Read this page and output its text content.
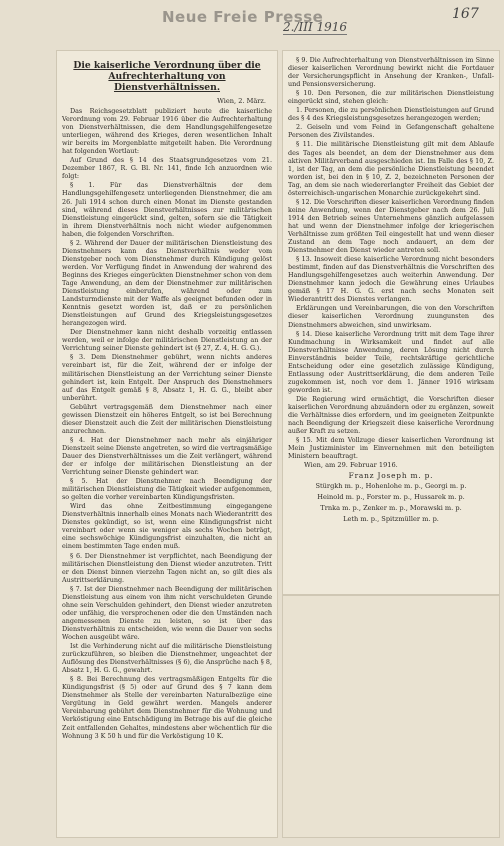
Neue Freie Presse
2./III 1916
167
Die kaiserliche Verordnung über die Aufrechterhaltung von Dienstverhältnissen.
Wien, 2. März.

Das Reichsgesetzblatt publiziert heute die kaiserliche Verordnung vom 29. Februar 1916 über die Aufrechterhaltung von Dienstverhältnissen, die dem Handlungsgehilfengesetze unterliegen, während des Krieges, deren wesentlichen Inhalt wir bereits im Morgenblatte mitgeteilt haben. Die Verordnung hat folgenden Wortlaut:

Auf Grund des § 14 des Staatsgrundgesetzes vom 21. Dezember 1867, R. G. Bl. Nr. 141, finde Ich anzuordnen wie folgt:

§ 1. Für das Dienstverhältnis der dem Handlungsgehilfengesetz unterliegenden Dienstnehmer, die am 26. Juli 1914 schon durch einen Monat im Dienste gestanden sind, während dieses Dienstverhältnisses zur militärischen Dienstleistung eingerückt sind, gelten, sofern sie die Tätigkeit in ihrem Dienstverhältnis noch nicht wieder aufgenommen haben, die folgenden Vorschriften.

§ 2. Während der Dauer der militärischen Dienstleistung des Dienstnehmers kann das Dienstverhältnis weder vom Dienstgeber noch vom Dienstnehmer durch Kündigung gelöst werden. Vor Verfügung findet in Anwendung der wahrend des Beginns des Krieges eingerückten Dienstnehmer schon von dem Tage Anwendung, an dem der Dienstnehmer zur militärischen Dienstleistung einberufen, während oder zum Landsturmdienste mit der Waffe als geeignet befunden oder in Kenntnis gesetzt worden ist, daß er zu persönlichen Dienstleistungen auf Grund des Kriegsleistungsgesetzes herangezogen wird.

Der Dienstnehmer kann nicht deshalb vorzeitig entlassen werden, weil er infolge der militärischen Dienstleistung an der Verrichtung seiner Dienste gehindert ist (§ 27, Z. 4, H. G. G.).

§ 3. Dem Dienstnehmer gebührt, wenn nichts anderes vereinbart ist, für die Zeit, während der er infolge der militärischen Dienstleistung an der Verrichtung seiner Dienste gehindert ist, kein Entgelt. Der Anspruch des Dienstnehmers auf das Entgelt gemäß § 8, Absatz 1, H. G. G., bleibt aber unberührt.

Gebührt vertragsgemäß dem Dienstnehmer nach einer gewissen Dienstzeit ein höheres Entgelt, so ist bei Berechnung dieser Dienstzeit auch die Zeit der militärischen Dienstleistung anzurechnen.

§ 4. Hat der Dienstnehmer nach mehr als einjähriger Dienstzeit seine Dienste angetreten, so wird die vertragsmäßige Dauer des Dienstverhältnisses um die Zeit verlängert, während der er infolge der militärischen Dienstleistung an der Verrichtung seiner Dienste gehindert war.

§ 5. Hat der Dienstnehmer nach Beendigung der militärischen Dienstleistung die Tätigkeit wieder aufgenommen, so gelten die vorher vereinbarten Kündigungsfristen.

Wird das ohne Zeitbestimmung eingegangene Dienstverhältnis innerhalb eines Monats nach Wiederantritt des Dienstes gekündigt, so ist, wenn eine Kündigungsfrist nicht vereinbart oder wenn sie weniger als sechs Wochen beträgt, eine sechswöchige Kündigungsfrist einzuhalten, die nicht an einem bestimmten Tage enden muß.

§ 6. Der Dienstnehmer ist verpflichtet, nach Beendigung der militärischen Dienstleistung den Dienst wieder anzutreten. Tritt er den Dienst binnen vierzehn Tagen nicht an, so gilt dies als Austrittserklärung.

§ 7. Ist der Dienstnehmer nach Beendigung der militärischen Dienstleistung aus einem von ihm nicht verschuldeten Grunde ohne sein Verschulden gehindert, den Dienst wieder anzutreten oder unfähig, die versprochenen oder die den Umständen nach angemessenen Dienste zu leisten, so ist über das Dienstverhältnis zu entscheiden, wie wenn die Dauer von sechs Wochen ausgeübt wäre.

Ist die Verhinderung nicht auf die militärische Dienstleistung zurückzuführen, so bleiben die Dienstnehmer, ungeachtet der Auflösung des Dienstverhältnisses (§ 6), die Ansprüche nach § 8, Absatz 1, H. G. G., gewahrt.

§ 8. Bei Berechnung des vertragsmäßigen Entgelts für die Kündigungsfrist (§ 5) oder auf Grund des § 7 kann dem Dienstnehmer als Stelle der vereinbarten Naturalbezüge eine Vergütung in Geld gewährt werden. Mangels anderer Vereinbarung gebührt dem Dienstnehmer für die Wohnung und Verköstigung eine Entschädigung im Betrage bis auf die gleiche Zeit entfallenden Gehaltes, mindestens aber wöchentlich für die Wohnung 3 K 50 h und für die Verköstigung 10 K.

§ 9. Die Aufrechterhaltung von Dienstverhältnissen im Sinne dieser kaiserlichen Verordnung bewirkt nicht die Fortdauer der Versicherungspflicht in Ansehung der Kranken-, Unfall- und Pensionsversicherung.

§ 10. Den Personen, die zur militärischen Dienstleistung eingerückt sind, stehen gleich:

1. Personen, die zu persönlichen Dienstleistungen auf Grund des § 4 des Kriegsleistungsgesetzes herangezogen werden;

2. Geiseln und vom Feind in Gefangenschaft gehaltene Personen des Zivilstandes.

§ 11. Die militärische Dienstleistung gilt mit dem Ablaufe des Tages als beendet, an dem der Dienstnehmer aus dem aktiven Militärverband ausgeschieden ist. Im Falle des § 10, Z. 1, ist der Tag, an dem die persönliche Dienstleistung beendet worden ist, bei den in § 10, Z. 2, bezeichneten Personen der Tag, an dem sie nach wiedererlangter Freiheit das Gebiet der österreichisch-ungarischen Monarchie zurückgekehrt sind.

§ 12. Die Vorschriften dieser kaiserlichen Verordnung finden keine Anwendung, wenn der Dienstgeber nach dem 26. Juli 1914 den Betrieb seines Unternehmens gänzlich aufgelassen hat und wenn der Dienstnehmer infolge der kriegerischen Verhältnisse zum größten Teil eingestellt hat und wenn dieser Zustand an dem Tage noch andauert, an dem der Dienstnehmer den Dienst wieder antreten soll.

§ 13. Insoweit diese kaiserliche Verordnung nicht besonders bestimmt, finden auf das Dienstverhältnis die Vorschriften des Handlungsgehilfengesetzes auch weiterhin Anwendung. Der Dienstnehmer kann jedoch die Gewährung eines Urlaubes gemäß § 17 H. G. G. erst nach sechs Monaten seit Wiederantritt des Dienstes verlangen.

Erklärungen und Vereinbarungen, die von den Vorschriften dieser kaiserlichen Verordnung zuungunsten des Dienstnehmers abweichen, sind unwirksam.

§ 14. Diese kaiserliche Verordnung tritt mit dem Tage ihrer Kundmachung in Wirksamkeit und findet auf alle Dienstverhältnisse Anwendung, deren Lösung nicht durch Einverständnis beider Teile, rechtskräftige gerichtliche Entscheidung oder eine gesetzlich zulässige Kündigung, Entlassung oder Austrittserklärung, die dem anderen Teile zugekommen ist, noch vor dem 1. Jänner 1916 wirksam geworden ist.

Die Regierung wird ermächtigt, die Vorschriften dieser kaiserlichen Verordnung abzuändern oder zu ergänzen, soweit die Verhältnisse dies erfordern, und im geeigneten Zeitpunkte nach Beendigung der Kriegszeit diese kaiserliche Verordnung außer Kraft zu setzen.

§ 15. Mit dem Vollzuge dieser kaiserlichen Verordnung ist Mein Justizminister im Einvernehmen mit den beteiligten Ministern beauftragt.

Wien, am 29. Februar 1916.
Franz Joseph m. p.
Stürgkh m. p., Hohenlohe m. p., Georgi m. p.
Heinold m. p., Forster m. p., Hussarek m. p.
Trnka m. p., Zenker m. p., Morawski m. p.
Leth m. p., Spitzmüller m. p.
